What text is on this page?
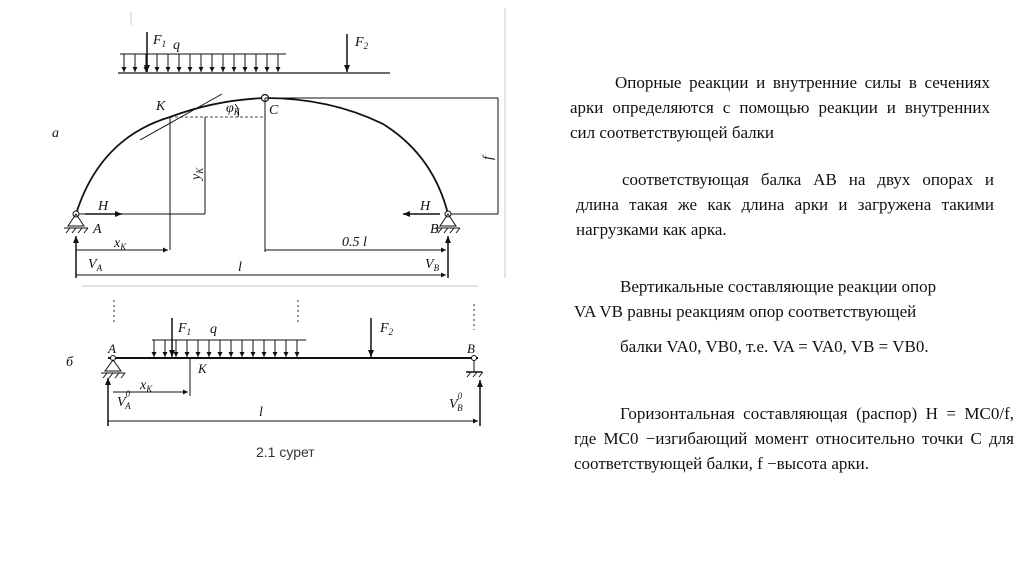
$F_1$ q	$F_2$
а
K	C
$\varphi_K$
$y_K$
f
H	H
A	B
$x_K$	0.5 l
$V_A$	$V_B$
l
б
A	B
$F_1$ q	$F_2$
K
$x_K$
$V^0$ A	$V^0$ B
l
2.1 сурет
Опорные реакции и внутренние силы в сечениях арки определяются с помощью реакции и внутренних сил соответствующей балки
соответствующая балка АВ на двух опорах и длина такая же как длина арки и загружена такими нагрузками как арка.
Вертикальные составляющие реакции опор
VA VB равны реакциям опор соответствующей
балки VA0, VB0, т.е. VA = VA0, VB = VB0.
Горизонтальная составляющая (распор) H = MC0/f, где MC0 −изгибающий момент относительно точки С для соответствующей балки, f −высота арки.
